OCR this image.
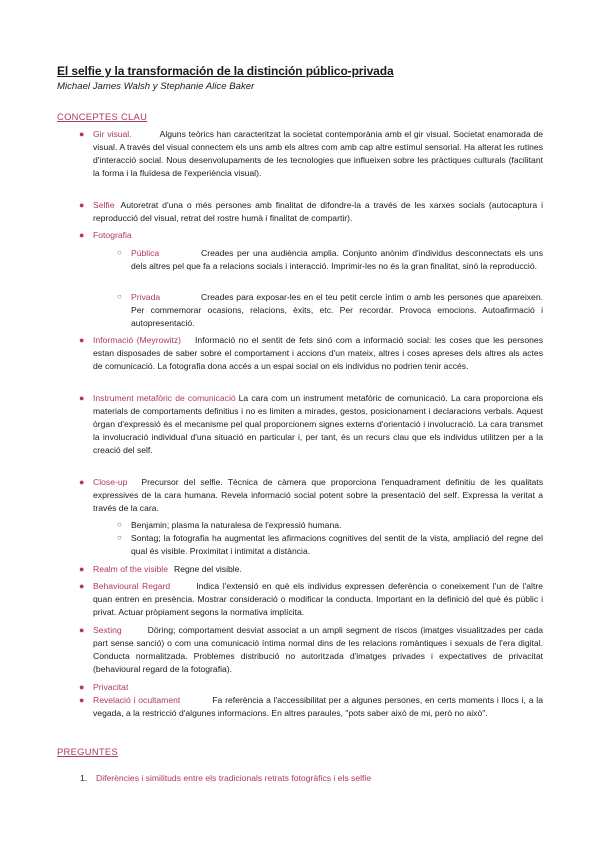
El selfie y la transformación de la distinción público-privada
Michael James Walsh y Stephanie Alice Baker
CONCEPTES CLAU
● Gir visual.	Alguns teòrics han caracteritzat la societat contemporània amb el gir visual. Societat enamorada de visual. A través del visual connectem els uns amb els altres com amb cap altre estímul sensorial. Ha alterat les rutines d'interacció social. Nous desenvolupaments de les tecnologies que influeixen sobre les pràctiques culturals (facilitant la forma i la fluïdesa de l'experiència visual).
● Selfie Autoretrat d'una o més persones amb finalitat de difondre-la a través de les xarxes socials (autocaptura i reproducció del visual, retrat del rostre humà i finalitat de compartir).
● Fotografia
○ Pública	Creades per una audiència amplia. Conjunto anònim d'individus desconnectats els uns dels altres pel que fa a relacions socials i interacció. Imprimir-les no és la gran finalitat, sinó la reproducció.
○ Privada	Creades para exposar-les en el teu petit cercle íntim o amb les persones que apareixen. Per commemorar ocasions, relacions, èxits, etc. Per recordar. Provoca emocions. Autoafirmació i autopresentació.
● Informació (Meyrowitz) Informació no el sentit de fets sinó com a informació social: les coses que les persones estan disposades de saber sobre el comportament i accions d'un mateix, altres i coses apreses dels altres als actes de comunicació. La fotografia dona accés a un espai social on els individus no podrien tenir accés.
● Instrument metafòric de comunicació La cara com un instrument metafòric de comunicació. La cara proporciona els materials de comportaments definitius i no es limiten a mirades, gestos, posicionament i declaracions verbals. Aquest òrgan d'expressió és el mecanisme pel qual proporcionem signes externs d'orientació i involucració. La cara transmet la involucració individual d'una situació en particular i, per tant, és un recurs clau que els individus utilitzen per a la creació del self.
● Close-up Precursor del selfie. Tècnica de càmera que proporciona l'enquadrament definitiu de les qualitats expressives de la cara humana. Revela informació social potent sobre la presentació del self. Expressa la veritat a través de la cara.
○ Benjamin; plasma la naturalesa de l'expressió humana.
○ Sontag; la fotografia ha augmentat les afirmacions cognitives del sentit de la vista, ampliació del regne del qual és visible. Proximitat i intimitat a distància.
● Realm of the visible Regne del visible.
● Behavioural Regard	Indica l'extensió en què els individus expressen deferència o coneixement l'un de l'altre quan entren en presència. Mostrar consideració o modificar la conducta. Important en la definició del què és públic i privat. Actuar pròpiament segons la normativa implícita.
● Sexting	Döring; comportament desviat associat a un ampli segment de riscos (imatges visualitzades per cada part sense sanció) o com una comunicació íntima normal dins de les relacions romàntiques i sexuals de l'era digital. Conducta normalitzada. Problemes distribució no autoritzada d'imatges privades i expectatives de privacitat (behavioural regard de la fotografia).
● Privacitat
● Revelació i ocultament	Fa referència a l'accessibilitat per a algunes persones, en certs moments i llocs i, a la vegada, a la restricció d'algunes informacions. En altres paraules, "pots saber això de mi, però no això".
PREGUNTES
1. Diferències i similituds entre els tradicionals retrats fotogràfics i els selfie
